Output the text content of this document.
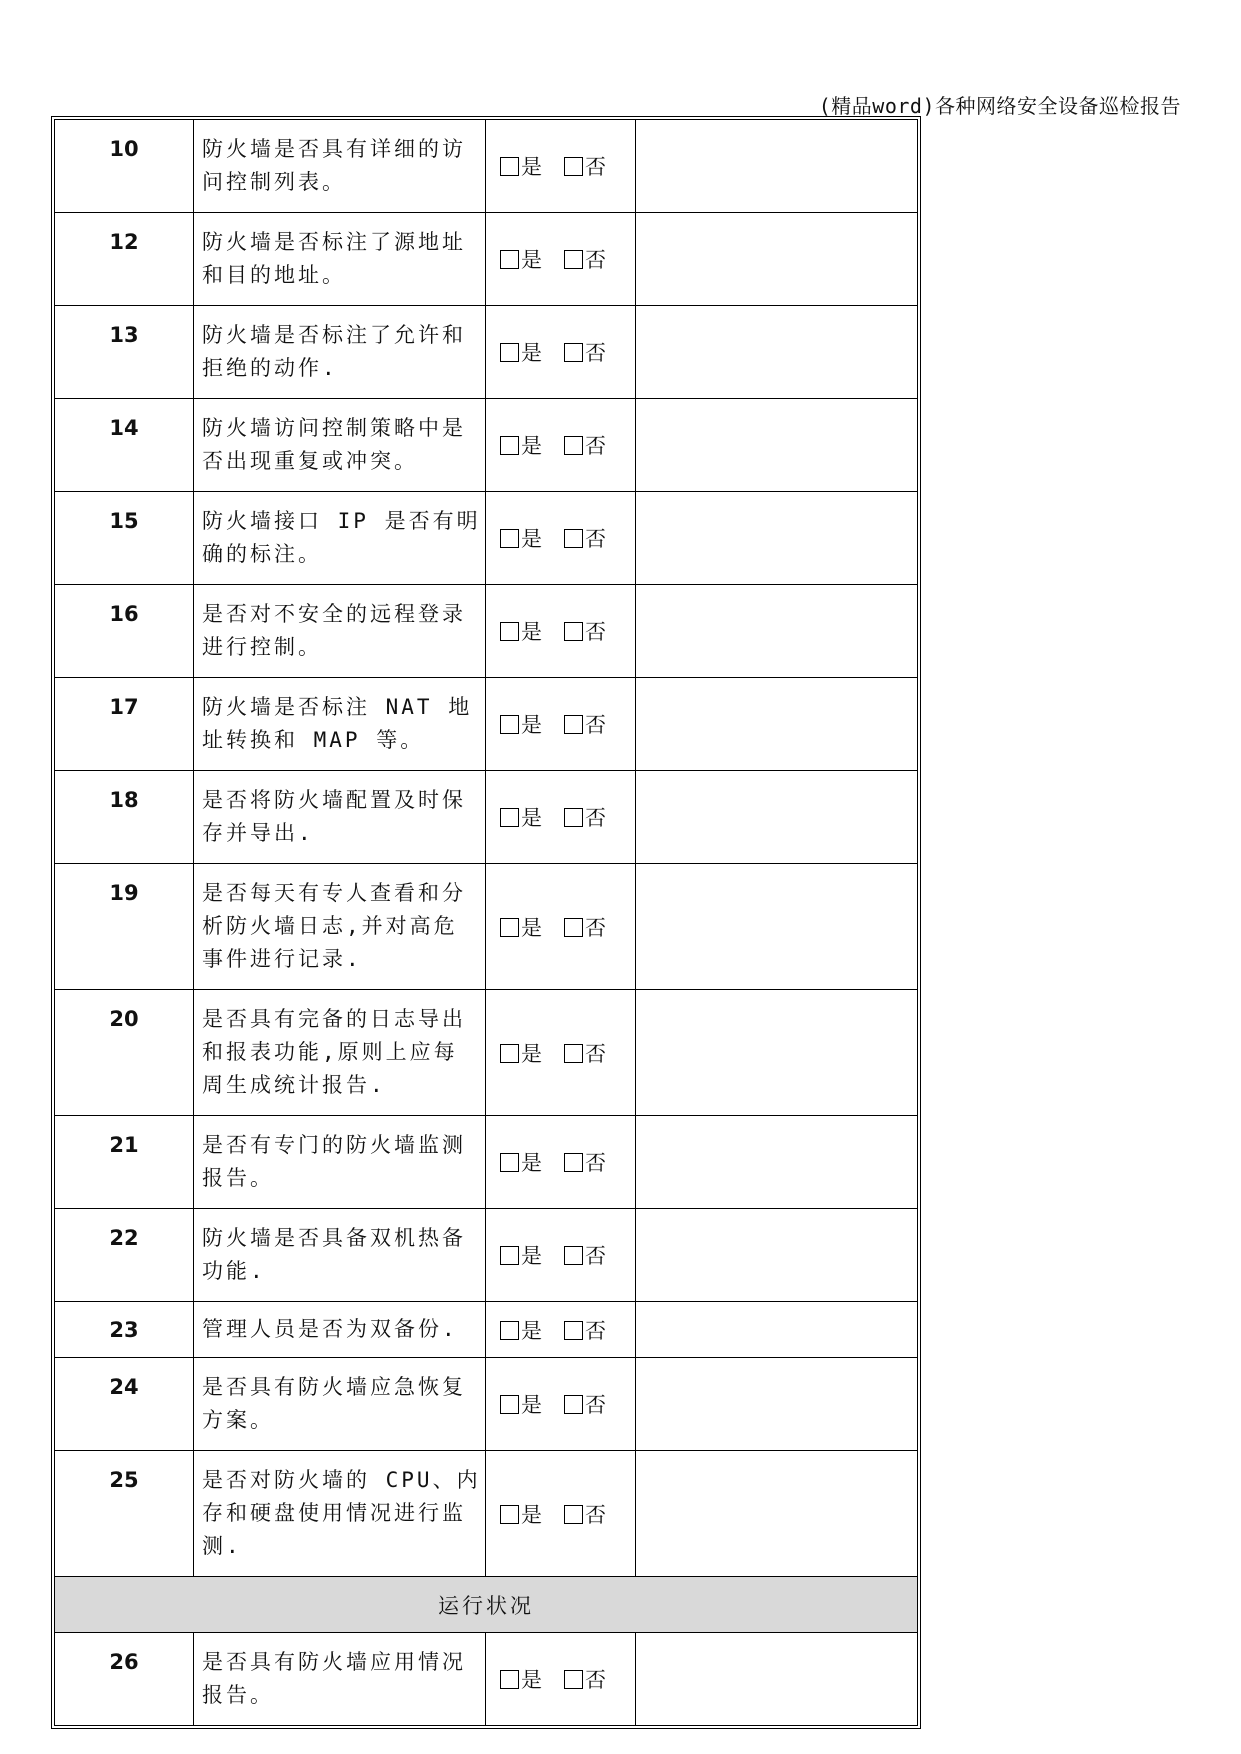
(精品word)各种网络安全设备巡检报告
10	防火墙是否具有详细的访问控制列表。	是 否	
12	防火墙是否标注了源地址和目的地址。	是 否	
13	防火墙是否标注了允许和拒绝的动作.	是 否	
14	防火墙访问控制策略中是否出现重复或冲突。	是 否	
15	防火墙接口 IP 是否有明确的标注。	是 否	
16	是否对不安全的远程登录进行控制。	是 否	
17	防火墙是否标注 NAT 地址转换和 MAP 等。	是 否	
18	是否将防火墙配置及时保存并导出.	是 否	
19	是否每天有专人查看和分析防火墙日志,并对高危事件进行记录.	是 否	
20	是否具有完备的日志导出和报表功能,原则上应每周生成统计报告.	是 否	
21	是否有专门的防火墙监测报告。	是 否	
22	防火墙是否具备双机热备功能.	是 否	
23	管理人员是否为双备份.	是 否	
24	是否具有防火墙应急恢复方案。	是 否	
25	是否对防火墙的 CPU、内存和硬盘使用情况进行监测.	是 否	
运行状况			
26	是否具有防火墙应用情况报告。	是 否	
